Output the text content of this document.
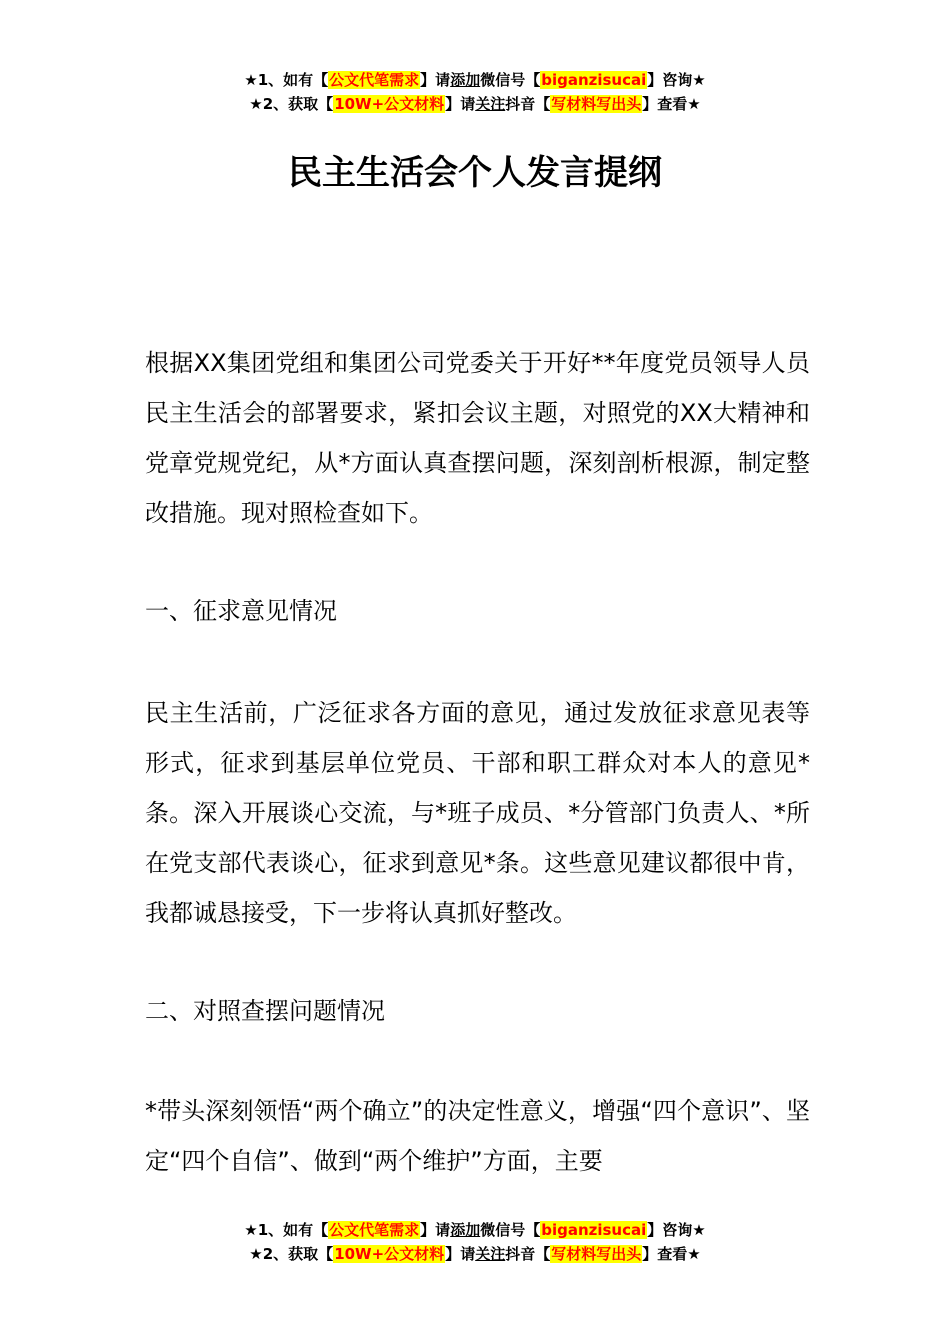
★1、如有【公文代笔需求】请添加微信号【biganzisucai】咨询★
★2、获取【10W+公文材料】请关注抖音【写材料写出头】查看★
民主生活会个人发言提纲

根据XX集团党组和集团公司党委关于开好**年度党员领导人员民主生活会的部署要求，紧扣会议主题，对照党的XX大精神和党章党规党纪，从*方面认真查摆问题，深刻剖析根源，制定整改措施。现对照检查如下。

一、征求意见情况

民主生活前，广泛征求各方面的意见，通过发放征求意见表等形式，征求到基层单位党员、干部和职工群众对本人的意见*条。深入开展谈心交流，与*班子成员、*分管部门负责人、*所在党支部代表谈心，征求到意见*条。这些意见建议都很中肯，我都诚恳接受，下一步将认真抓好整改。

二、对照查摆问题情况

*带头深刻领悟“两个确立”的决定性意义，增强“四个意识”、坚定“四个自信”、做到“两个维护”方面，主要

★1、如有【公文代笔需求】请添加微信号【biganzisucai】咨询★
★2、获取【10W+公文材料】请关注抖音【写材料写出头】查看★
